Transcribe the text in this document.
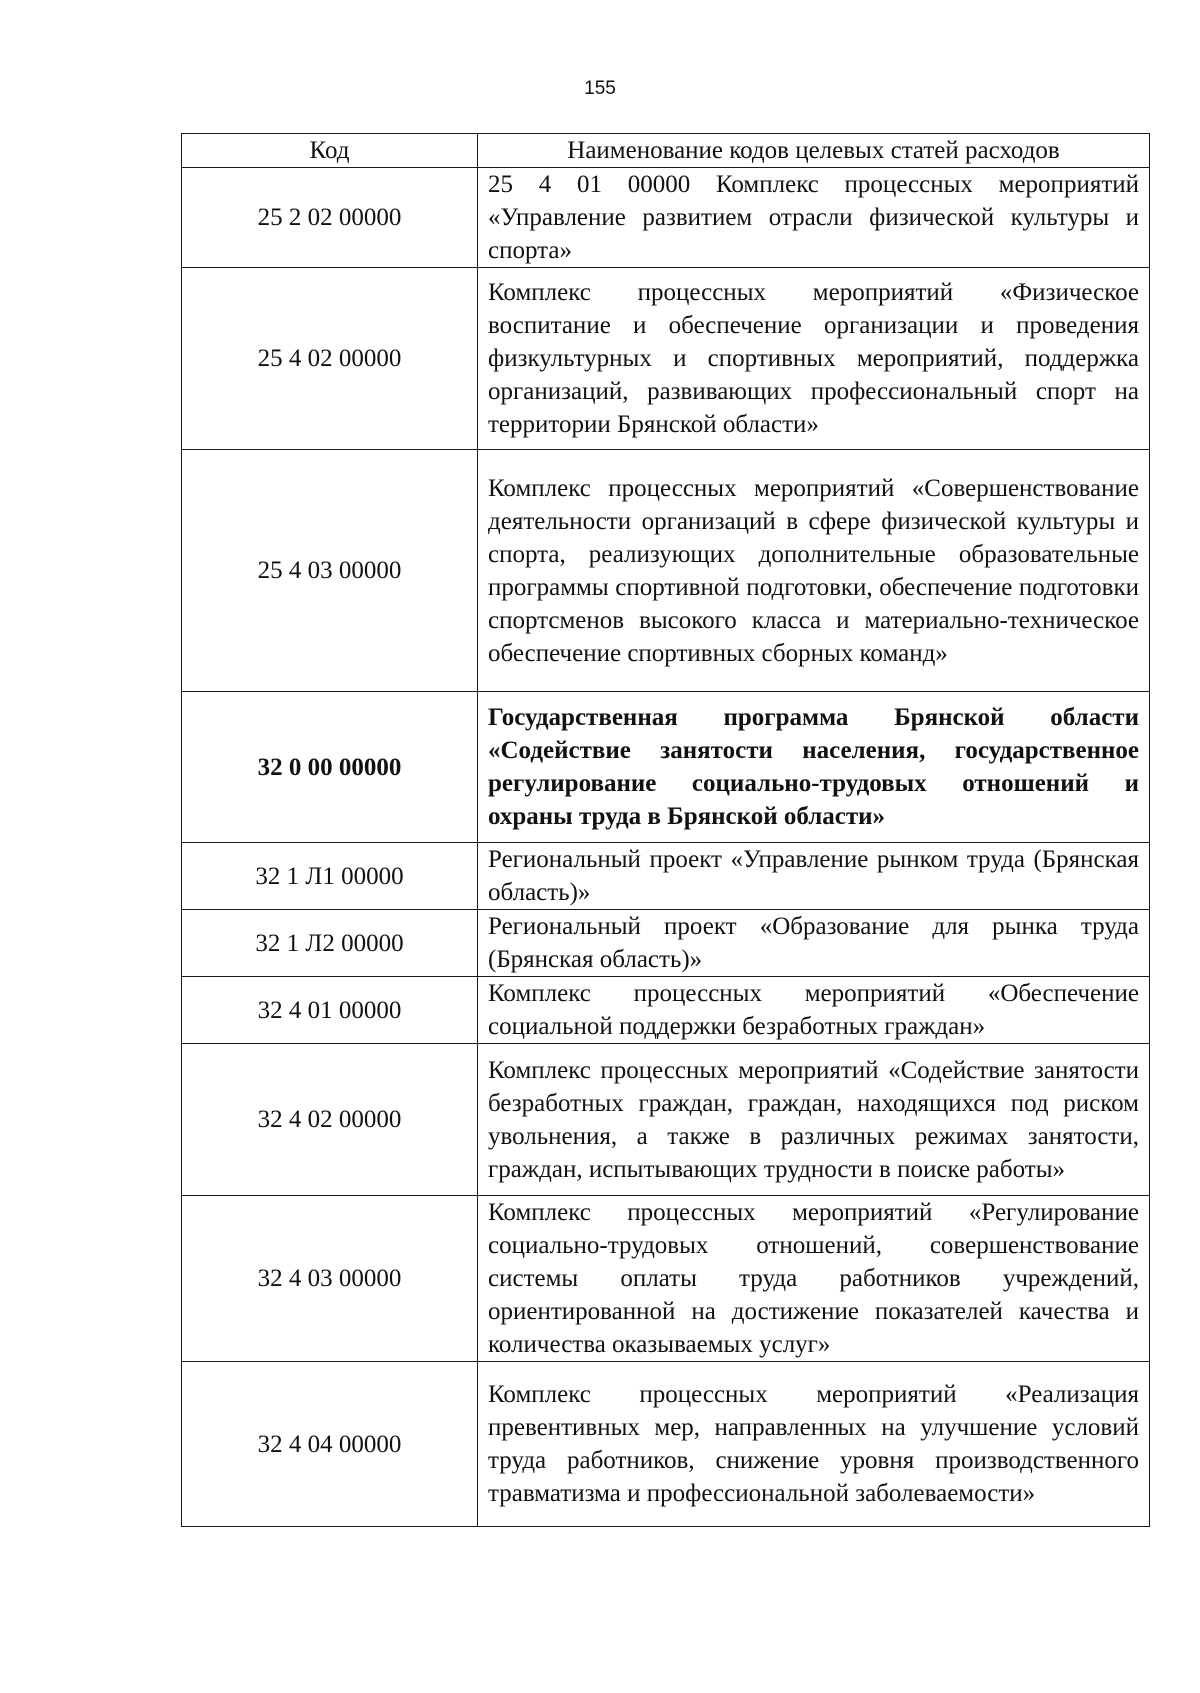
155
Код	Наименование кодов целевых статей расходов
25 2 02 00000	25 4 01 00000 Комплекс процессных мероприятий «Управление развитием отрасли физической культуры и спорта»
25 4 02 00000	Комплекс процессных мероприятий «Физическое воспитание и обеспечение организации и проведения физкультурных и спортивных мероприятий, поддержка организаций, развивающих профессиональный спорт на территории Брянской области»
25 4 03 00000	Комплекс процессных мероприятий «Совершенствование деятельности организаций в сфере физической культуры и спорта, реализующих дополнительные образовательные программы спортивной подготовки, обеспечение подготовки спортсменов высокого класса и материально-техническое обеспечение спортивных сборных команд»
32 0 00 00000	Государственная программа Брянской области «Содействие занятости населения, государственное регулирование социально-трудовых отношений и охраны труда в Брянской области»
32 1 Л1 00000	Региональный проект «Управление рынком труда (Брянская область)»
32 1 Л2 00000	Региональный проект «Образование для рынка труда (Брянская область)»
32 4 01 00000	Комплекс процессных мероприятий «Обеспечение социальной поддержки безработных граждан»
32 4 02 00000	Комплекс процессных мероприятий «Содействие занятости безработных граждан, граждан, находящихся под риском увольнения, а также в различных режимах занятости, граждан, испытывающих трудности в поиске работы»
32 4 03 00000	Комплекс процессных мероприятий «Регулирование социально-трудовых отношений, совершенствование системы оплаты труда работников учреждений, ориентированной на достижение показателей качества и количества оказываемых услуг»
32 4 04 00000	Комплекс процессных мероприятий «Реализация превентивных мер, направленных на улучшение условий труда работников, снижение уровня производственного травматизма и профессиональной заболеваемости»
